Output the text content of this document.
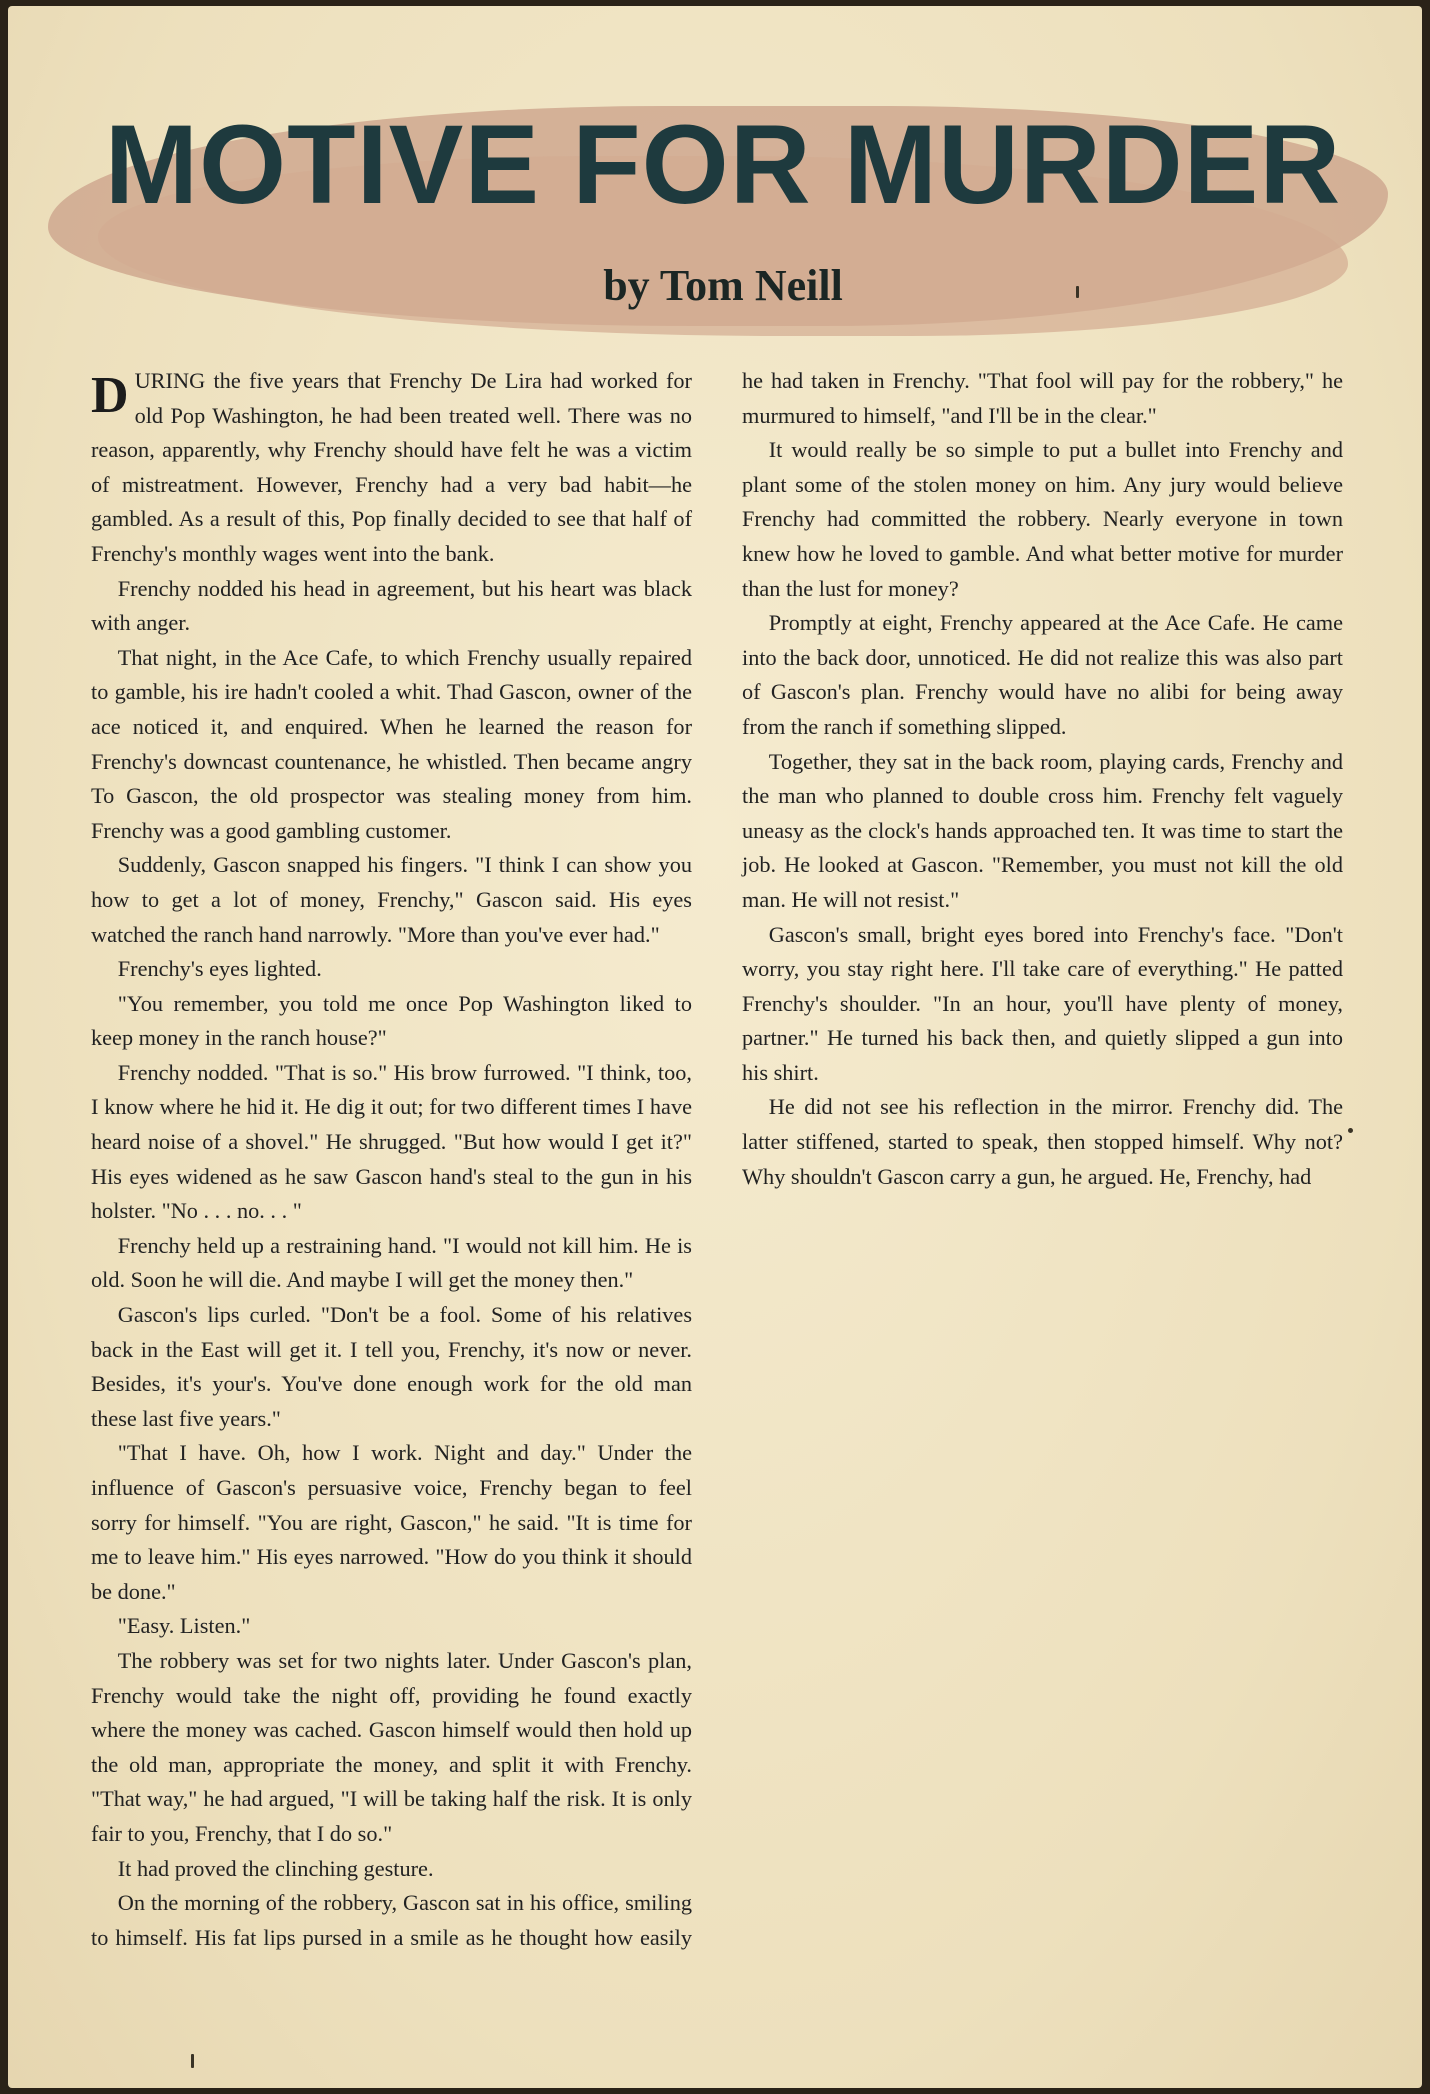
MOTIVE FOR MURDER
by Tom Neill

DURING the five years that Frenchy De Lira had worked for old Pop Washington, he had been treated well. There was no reason, apparently, why Frenchy should have felt he was a victim of mistreatment. However, Frenchy had a very bad habit—he gambled. As a result of this, Pop finally decided to see that half of Frenchy's monthly wages went into the bank.

Frenchy nodded his head in agreement, but his heart was black with anger.

That night, in the Ace Cafe, to which Frenchy usually repaired to gamble, his ire hadn't cooled a whit. Thad Gascon, owner of the ace noticed it, and enquired. When he learned the reason for Frenchy's downcast countenance, he whistled. Then became angry To Gascon, the old prospector was stealing money from him. Frenchy was a good gambling customer.

Suddenly, Gascon snapped his fingers. "I think I can show you how to get a lot of money, Frenchy," Gascon said. His eyes watched the ranch hand narrowly. "More than you've ever had."

Frenchy's eyes lighted.

"You remember, you told me once Pop Washington liked to keep money in the ranch house?"

Frenchy nodded. "That is so." His brow furrowed. "I think, too, I know where he hid it. He dig it out; for two different times I have heard noise of a shovel." He shrugged. "But how would I get it?" His eyes widened as he saw Gascon hand's steal to the gun in his holster. "No . . . no. . . "

Frenchy held up a restraining hand. "I would not kill him. He is old. Soon he will die. And maybe I will get the money then."

Gascon's lips curled. "Don't be a fool. Some of his relatives back in the East will get it. I tell you, Frenchy, it's now or never. Besides, it's your's. You've done enough work for the old man these last five years."

"That I have. Oh, how I work. Night and day." Under the influence of Gascon's persuasive voice, Frenchy began to feel sorry for himself. "You are right, Gascon," he said. "It is time for me to leave him." His eyes narrowed. "How do you think it should be done."

"Easy. Listen."

The robbery was set for two nights later. Under Gascon's plan, Frenchy would take the night off, providing he found exactly where the money was cached. Gascon himself would then hold up the old man, appropriate the money, and split it with Frenchy. "That way," he had argued, "I will be taking half the risk. It is only fair to you, Frenchy, that I do so."

It had proved the clinching gesture.

On the morning of the robbery, Gascon sat in his office, smiling to himself. His fat lips pursed in a smile as he thought how easily he had taken in Frenchy. "That fool will pay for the robbery," he murmured to himself, "and I'll be in the clear."

It would really be so simple to put a bullet into Frenchy and plant some of the stolen money on him. Any jury would believe Frenchy had committed the robbery. Nearly everyone in town knew how he loved to gamble. And what better motive for murder than the lust for money?

Promptly at eight, Frenchy appeared at the Ace Cafe. He came into the back door, unnoticed. He did not realize this was also part of Gascon's plan. Frenchy would have no alibi for being away from the ranch if something slipped.

Together, they sat in the back room, playing cards, Frenchy and the man who planned to double cross him. Frenchy felt vaguely uneasy as the clock's hands approached ten. It was time to start the job. He looked at Gascon. "Remember, you must not kill the old man. He will not resist."

Gascon's small, bright eyes bored into Frenchy's face. "Don't worry, you stay right here. I'll take care of everything." He patted Frenchy's shoulder. "In an hour, you'll have plenty of money, partner." He turned his back then, and quietly slipped a gun into his shirt.

He did not see his reflection in the mirror. Frenchy did. The latter stiffened, started to speak, then stopped himself. Why not? Why shouldn't Gascon carry a gun, he argued. He, Frenchy, had
